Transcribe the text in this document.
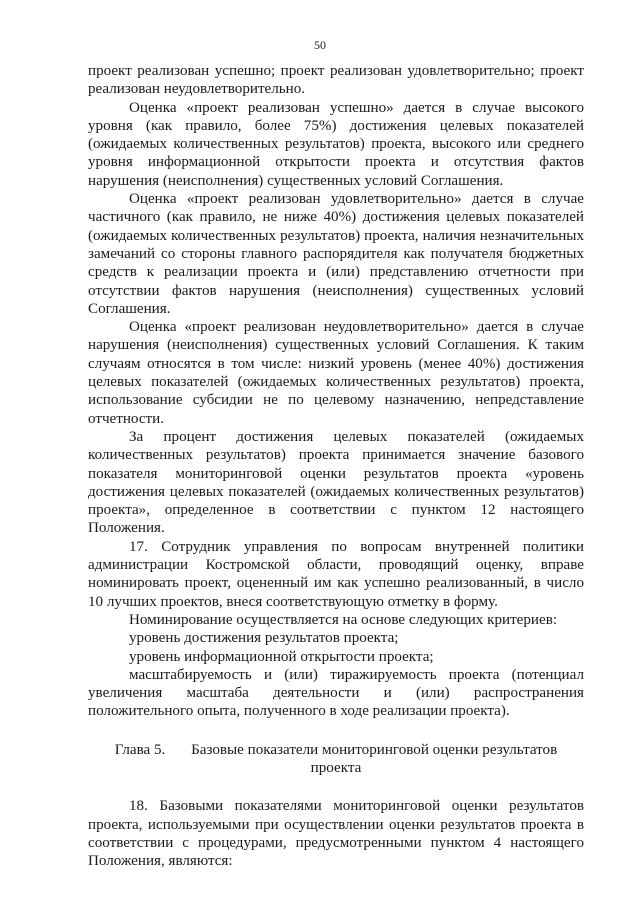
50

проект реализован успешно; проект реализован удовлетворительно; проект реализован неудовлетворительно.

Оценка «проект реализован успешно» дается в случае высокого уровня (как правило, более 75%) достижения целевых показателей (ожидаемых количественных результатов) проекта, высокого или среднего уровня информационной открытости проекта и отсутствия фактов нарушения (неисполнения) существенных условий Соглашения.

Оценка «проект реализован удовлетворительно» дается в случае частичного (как правило, не ниже 40%) достижения целевых показателей (ожидаемых количественных результатов) проекта, наличия незначительных замечаний со стороны главного распорядителя как получателя бюджетных средств к реализации проекта и (или) представлению отчетности при отсутствии фактов нарушения (неисполнения) существенных условий Соглашения.

Оценка «проект реализован неудовлетворительно» дается в случае нарушения (неисполнения) существенных условий Соглашения. К таким случаям относятся в том числе: низкий уровень (менее 40%) достижения целевых показателей (ожидаемых количественных результатов) проекта, использование субсидии не по целевому назначению, непредставление отчетности.

За процент достижения целевых показателей (ожидаемых количественных результатов) проекта принимается значение базового показателя мониторинговой оценки результатов проекта «уровень достижения целевых показателей (ожидаемых количественных результатов) проекта», определенное в соответствии с пунктом 12 настоящего Положения.

17. Сотрудник управления по вопросам внутренней политики администрации Костромской области, проводящий оценку, вправе номинировать проект, оцененный им как успешно реализованный, в число 10 лучших проектов, внеся соответствующую отметку в форму.

Номинирование осуществляется на основе следующих критериев:

уровень достижения результатов проекта;

уровень информационной открытости проекта;

масштабируемость и (или) тиражируемость проекта (потенциал увеличения масштаба деятельности и (или) распространения положительного опыта, полученного в ходе реализации проекта).

Глава 5. Базовые показатели мониторинговой оценки результатов проекта

18. Базовыми показателями мониторинговой оценки результатов проекта, используемыми при осуществлении оценки результатов проекта в соответствии с процедурами, предусмотренными пунктом 4 настоящего Положения, являются:
